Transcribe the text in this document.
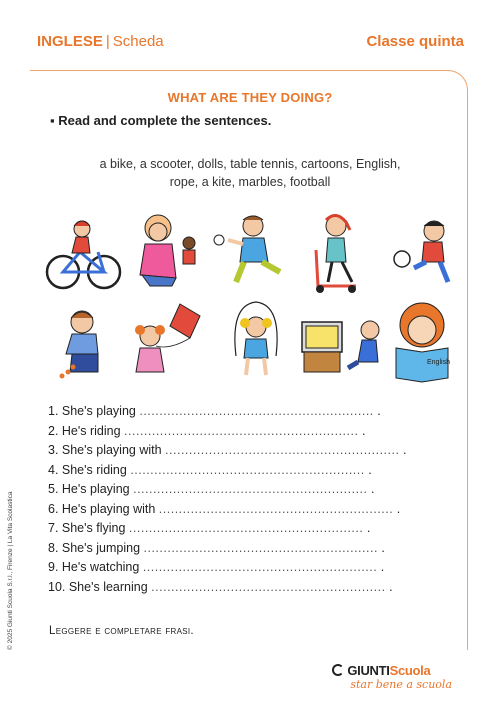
INGLESE | Scheda	Classe quinta
WHAT ARE THEY DOING?
▪ Read and complete the sentences.
a bike, a scooter, dolls, table tennis, cartoons, English,
rope, a kite, marbles, football
English
1. She's playing ........................................................... .
2. He's riding ........................................................... .
3. She's playing with ........................................................... .
4. She's riding ........................................................... .
5. He's playing ........................................................... .
6. He's playing with ........................................................... .
7. She's flying ........................................................... .
8. She's jumping ........................................................... .
9. He's watching ........................................................... .
10. She's learning ........................................................... .
Leggere e completare frasi.
© 2025 Giunti Scuola S.r.l., Firenze | La Vita Scolastica
GIUNTIScuola
star bene a scuola
